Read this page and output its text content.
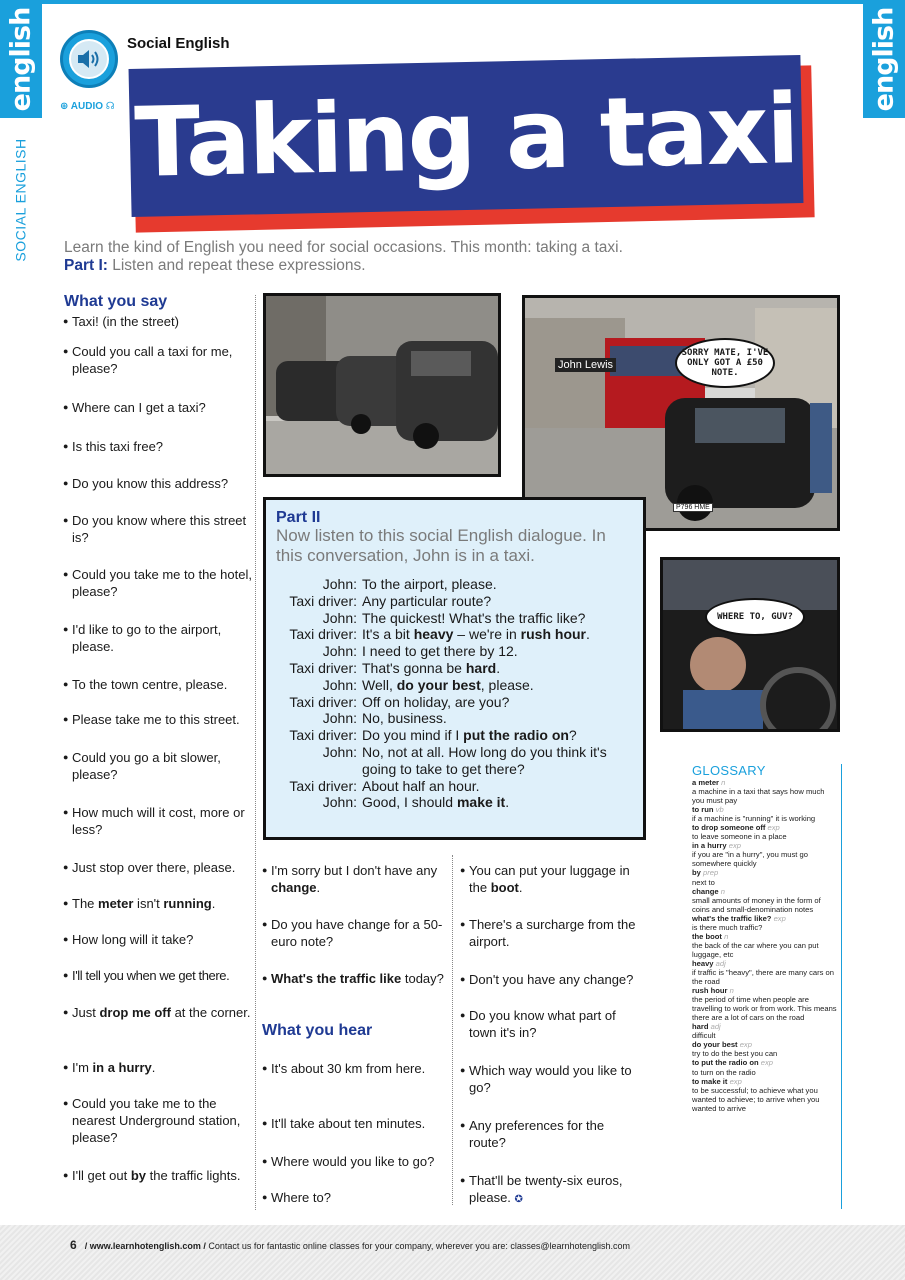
english	english
SOCIAL ENGLISH
⊕ AUDIO ☊
Social English
Taking a taxi
Learn the kind of English you need for social occasions. This month: taking a taxi.
Part I: Listen and repeat these expressions.
What you say
● Taxi! (in the street)
● Could you call a taxi for me, please?
● Where can I get a taxi?
● Is this taxi free?
● Do you know this address?
● Do you know where this street is?
● Could you take me to the hotel, please?
● I'd like to go to the airport, please.
● To the town centre, please.
● Please take me to this street.
● Could you go a bit slower, please?
● How much will it cost, more or less?
● Just stop over there, please.
● The meter isn't running.
● How long will it take?
● I'll tell you when we get there.
● Just drop me off at the corner.
● I'm in a hurry.
● Could you take me to the nearest Underground station, please?
● I'll get out by the traffic lights.
John Lewis
P796 HME
SORRY MATE, I'VE ONLY GOT A £50 NOTE.
WHERE TO, GUV?
Part II
Now listen to this social English dialogue. In this conversation, John is in a taxi.
John: To the airport, please.
Taxi driver: Any particular route?
John: The quickest! What's the traffic like?
Taxi driver: It's a bit heavy – we're in rush hour.
John: I need to get there by 12.
Taxi driver: That's gonna be hard.
John: Well, do your best, please.
Taxi driver: Off on holiday, are you?
John: No, business.
Taxi driver: Do you mind if I put the radio on?
John: No, not at all. How long do you think it's going to take to get there?
Taxi driver: About half an hour.
John: Good, I should make it.
● I'm sorry but I don't have any change.
● Do you have change for a 50-euro note?
● What's the traffic like today?
What you hear
● It's about 30 km from here.
● It'll take about ten minutes.
● Where would you like to go?
● Where to?
● You can put your luggage in the boot.
● There's a surcharge from the airport.
● Don't you have any change?
● Do you know what part of town it's in?
● Which way would you like to go?
● Any preferences for the route?
● That'll be twenty-six euros, please. ✪
GLOSSARY
a meter n
a machine in a taxi that says how much you must pay
to run vb
if a machine is "running" it is working
to drop someone off exp
to leave someone in a place
in a hurry exp
if you are "in a hurry", you must go somewhere quickly
by prep
next to
change n
small amounts of money in the form of coins and small-denomination notes
what's the traffic like? exp
is there much traffic?
the boot n
the back of the car where you can put luggage, etc
heavy adj
if traffic is "heavy", there are many cars on the road
rush hour n
the period of time when people are travelling to work or from work. This means there are a lot of cars on the road
hard adj
difficult
do your best exp
try to do the best you can
to put the radio on exp
to turn on the radio
to make it exp
to be successful; to achieve what you wanted to achieve; to arrive when you wanted to arrive
6 / www.learnhotenglish.com / Contact us for fantastic online classes for your company, wherever you are: classes@learnhotenglish.com
